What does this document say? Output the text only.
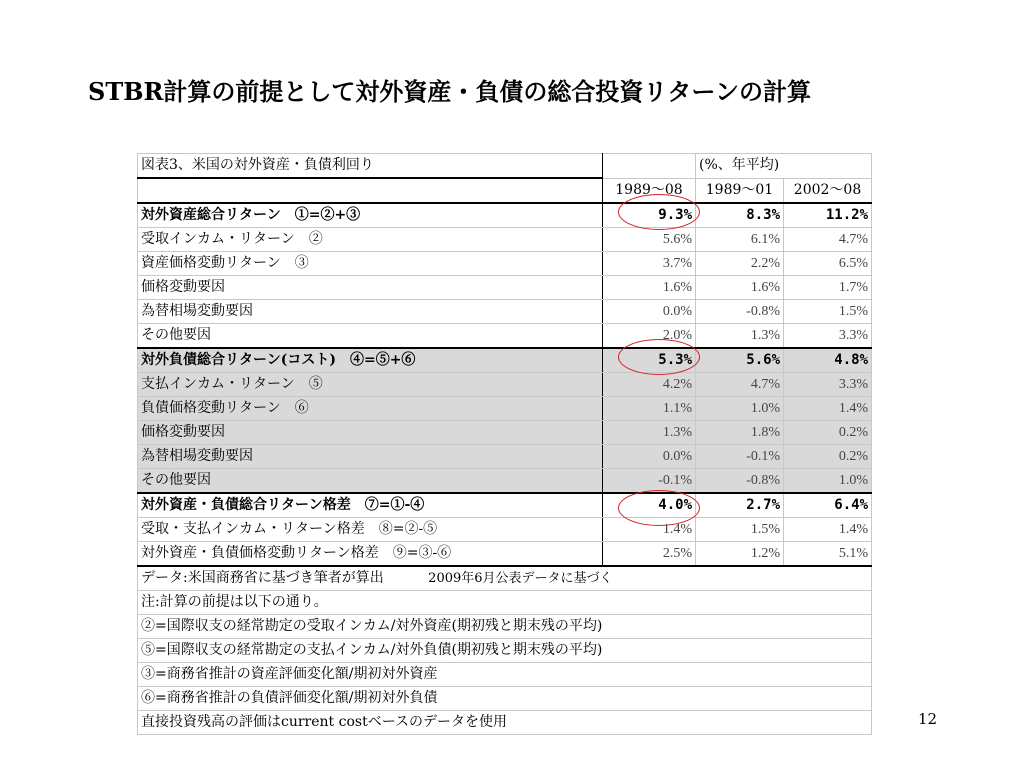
STBR計算の前提として対外資産・負債の総合投資リターンの計算
図表3、米国の対外資産・負債利回り		(%、年平均)	
	1989～08	1989～01	2002～08
対外資産総合リターン　①=②+③	9.3%	8.3%	11.2%
受取インカム・リターン　②	5.6%	6.1%	4.7%
資産価格変動リターン　③	3.7%	2.2%	6.5%
価格変動要因	1.6%	1.6%	1.7%
為替相場変動要因	0.0%	-0.8%	1.5%
その他要因	2.0%	1.3%	3.3%
対外負債総合リターン(コスト)　④=⑤+⑥	5.3%	5.6%	4.8%
支払インカム・リターン　⑤	4.2%	4.7%	3.3%
負債価格変動リターン　⑥	1.1%	1.0%	1.4%
価格変動要因	1.3%	1.8%	0.2%
為替相場変動要因	0.0%	-0.1%	0.2%
その他要因	-0.1%	-0.8%	1.0%
対外資産・負債総合リターン格差　⑦=①-④	4.0%	2.7%	6.4%
受取・支払インカム・リターン格差　⑧=②-⑤	1.4%	1.5%	1.4%
対外資産・負債価格変動リターン格差　⑨=③-⑥	2.5%	1.2%	5.1%
データ:米国商務省に基づき筆者が算出 2009年6月公表データに基づく			
注:計算の前提は以下の通り。			
②=国際収支の経常勘定の受取インカム/対外資産(期初残と期末残の平均)			
⑤=国際収支の経常勘定の支払インカム/対外負債(期初残と期末残の平均)			
③=商務省推計の資産評価変化額/期初対外資産			
⑥=商務省推計の負債評価変化額/期初対外負債			
直接投資残高の評価はcurrent costベースのデータを使用				12
